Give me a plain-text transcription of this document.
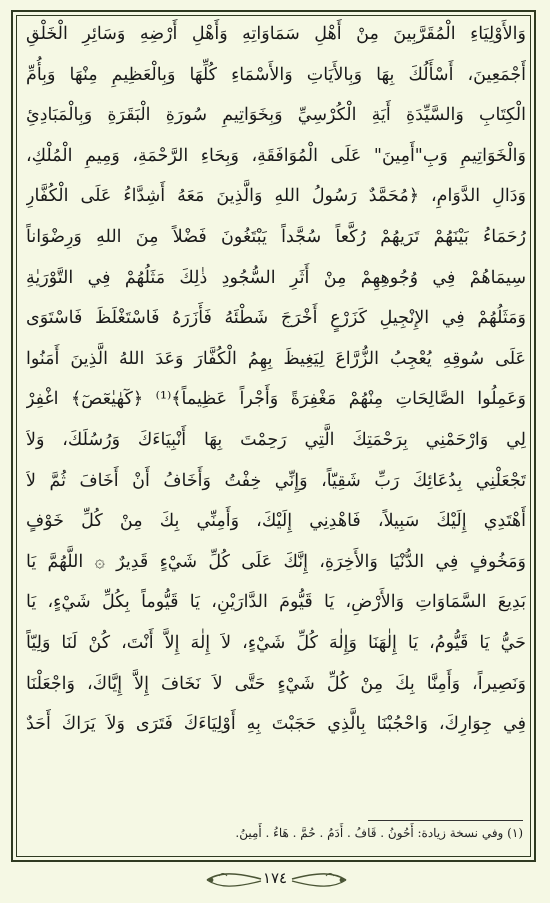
وَالأَوْلِيَاءِ الْمُقَرَّبِينَ مِنْ أَهْلِ سَمَاوَاتِهِ وَأَهْلِ أَرْضِهِ وَسَائِرِ الْخَلْقِ
أَجْمَعِينَ، أَسْأَلُكَ بِهَا وَبِالأَيَاتِ وَالأَسْمَاءِ كُلِّهَا وَبِالْعَظِيمِ مِنْهَا وَبِأُمِّ
الْكِتَابِ وَالسَّيِّدَةِ أَيَةِ الْكُرْسِيِّ وَبِخَوَاتِيمِ سُورَةِ الْبَقَرَةِ وَبِالْمَبَادِئِ
وَالْخَوَاتِيمِ وَبِ"أَمِينَ" عَلَى الْمُوَافَقَةِ، وَبِحَاءِ الرَّحْمَةِ، وَمِيمِ الْمُلْكِ،
وَدَالِ الدَّوَامِ، ﴿مُحَمَّدٌ رَسُولُ اللهِ وَالَّذِينَ مَعَهُ أَشِدَّاءُ عَلَى الْكُفَّارِ
رُحَمَاءُ بَيْنَهُمْ تَرَيهُمْ رُكَّعاً سُجَّداً يَبْتَغُونَ فَضْلاً مِنَ اللهِ وَرِضْوَاناً
سِيمَاهُمْ فِي وُجُوهِهِمْ مِنْ أَثَرِ السُّجُودِ ذٰلِكَ مَثَلُهُمْ فِي التَّوْرَيٰةِ
وَمَثَلُهُمْ فِي الإِنْجِيلِ كَزَرْعٍ أَخْرَجَ شَطْئَهُ فَأَزَرَهُ فَاسْتَغْلَظَ فَاسْتَوَى
عَلَى سُوقِهِ يُعْجِبُ الزُّرَّاعَ لِيَغِيظَ بِهِمُ الْكُفَّارَ وَعَدَ اللهُ الَّذِينَ أَمَنُوا
وَعَمِلُوا الصَّالِحَاتِ مِنْهُمْ مَغْفِرَةً وَأَجْراً عَظِيماً﴾⁽¹⁾ ﴿كٓهٰيٰعٓصٓ﴾ اغْفِرْ
لِي وَارْحَمْنِي بِرَحْمَتِكَ الَّتِي رَحِمْتَ بِهَا أَنْبِيَاءَكَ وَرُسُلَكَ، وَلاَ
تَجْعَلْنِي بِدُعَائِكَ رَبِّ شَقِيّاً، وَإِنِّي خِفْتُ وَأَخَافُ أَنْ أَخَافَ ثُمَّ لاَ
أَهْتَدِي إِلَيْكَ سَبِيلاً، فَاهْدِنِي إِلَيْكَ، وَأَمِنِّي بِكَ مِنْ كُلِّ خَوْفٍ
وَمَخُوفٍ فِي الدُّنْيَا وَالأَخِرَةِ، إِنَّكَ عَلَى كُلِّ شَيْءٍ قَدِيرٌ ۞ اللَّهُمَّ يَا
بَدِيعَ السَّمَاوَاتِ وَالأَرْضِ، يَا قَيُّومَ الدَّارَيْنِ، يَا قَيُّوماً بِكُلِّ شَيْءٍ، يَا
حَيُّ يَا قَيُّومُ، يَا إِلٰهَنَا وَإِلٰهَ كُلِّ شَيْءٍ، لاَ إِلٰهَ إِلاَّ أَنْتَ، كُنْ لَنَا وَلِيّاً
وَنَصِيراً، وَأَمِنَّا بِكَ مِنْ كُلِّ شَيْءٍ حَتَّى لاَ نَخَافَ إِلاَّ إِيَّاكَ، وَاجْعَلْنَا
فِي جِوَارِكَ، وَاحْجُبْنَا بِالَّذِي حَجَبْتَ بِهِ أَوْلِيَاءَكَ فَتَرَى وَلاَ يَرَاكَ أَحَدٌ
(١) وفي نسخة زيادة: أَحُونُ . قَافُ . أَدَمُ . حُمَّ . هَاءُ . أَمِينُ.
١٧٤
